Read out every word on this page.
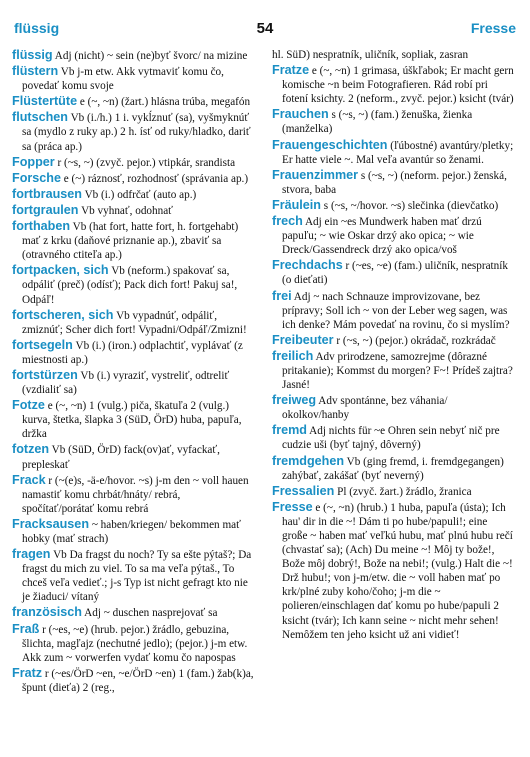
flüssig	54	Fresse

flüssig Adj (nicht) ~ sein (ne)byť švorc/ na mizine

flüstern Vb j-m etw. Akk vytmaviť komu čo, povedať komu svoje

Flüstertüte e (~, ~n) (žart.) hlásna trúba, megafón

flutschen Vb (i./h.) 1 i. vykĺznuť (sa), vyšmyknúť sa (mydlo z ruky ap.) 2 h. ísť od ruky/hladko, dariť sa (práca ap.)

Fopper r (~s, ~) (zvyč. pejor.) vtipkár, srandista

Forsche e (~) ráznosť, rozhodnosť (správania ap.)

fortbrausen Vb (i.) odfrčať (auto ap.)

fortgraulen Vb vyhnať, odohnať

forthaben Vb (hat fort, hatte fort, h. fortgehabt) mať z krku (daňové priznanie ap.), zbaviť sa (otravného ctiteľa ap.)

fortpacken, sich Vb (neform.) spakovať sa, odpáliť (preč) (odísť); Pack dich fort! Pakuj sa!, Odpáľ!

fortscheren, sich Vb vypadnúť, odpáliť, zmiznúť; Scher dich fort! Vypadni/Odpáľ/Zmizni!

fortsegeln Vb (i.) (iron.) odplachtiť, vyplávať (z miestnosti ap.)

fortstürzen Vb (i.) vyraziť, vystreliť, odtreliť (vzdialiť sa)

Fotze e (~, ~n) 1 (vulg.) piča, škatuľa 2 (vulg.) kurva, štetka, šlapka 3 (SüD, ÖrD) huba, papuľa, držka

fotzen Vb (SüD, ÖrD) fack(ov)ať, vyfackať, prepleskať

Frack r (~(e)s, -ä-e/hovor. ~s) j-m den ~ voll hauen namastiť komu chrbát/hnáty/ rebrá, spočítať/porátať komu rebrá

Fracksausen ~ haben/kriegen/ bekommen mať hobky (mať strach)

fragen Vb Da fragst du noch? Ty sa ešte pýtaš?; Da fragst du mich zu viel. To sa ma veľa pýtaš., To chceš veľa vedieť.; j-s Typ ist nicht gefragt kto nie je žiaduci/ vítaný

französisch Adj ~ duschen nasprejovať sa

Fraß r (~es, ~e) (hrub. pejor.) žrádlo, gebuzina, šlichta, magľajz (nechutné jedlo); (pejor.) j-m etw. Akk zum ~ vorwerfen vydať komu čo napospas

Fratz r (~es/ÖrD ~en, ~e/ÖrD ~en) 1 (fam.) žab(k)a, špunt (dieťa) 2 (reg.,

hl. SüD) nespratník, uličník, sopliak, zasran

Fratze e (~, ~n) 1 grimasa, úškľabok; Er macht gern komische ~n beim Fotografieren. Rád robí pri fotení ksichty. 2 (neform., zvyč. pejor.) ksicht (tvár)

Frauchen s (~s, ~) (fam.) ženuška, žienka (manželka)

Frauengeschichten (ľúbostné) avantúry/pletky; Er hatte viele ~. Mal veľa avantúr so ženami.

Frauenzimmer s (~s, ~) (neform. pejor.) ženská, stvora, baba

Fräulein s (~s, ~/hovor. ~s) slečinka (dievčatko)

frech Adj ein ~es Mundwerk haben mať drzú papuľu; ~ wie Oskar drzý ako opica; ~ wie Dreck/Gassendreck drzý ako opica/voš

Frechdachs r (~es, ~e) (fam.) uličník, nespratník (o dieťati)

frei Adj ~ nach Schnauze improvizovane, bez prípravy; Soll ich ~ von der Leber weg sagen, was ich denke? Mám povedať na rovinu, čo si myslím?

Freibeuter r (~s, ~) (pejor.) okrádač, rozkrádač

freilich Adv prirodzene, samozrejme (dôrazné pritakanie); Kommst du morgen? F~! Prídeš zajtra? Jasné!

freiweg Adv spontánne, bez váhania/ okolkov/hanby

fremd Adj nichts für ~e Ohren sein nebyť nič pre cudzie uši (byť tajný, dôverný)

fremdgehen Vb (ging fremd, i. fremdgegangen) zahýbať, zakášať (byť neverný)

Fressalien Pl (zvyč. žart.) žrádlo, žranica

Fresse e (~, ~n) (hrub.) 1 huba, papuľa (ústa); Ich hau' dir in die ~! Dám ti po hube/papuli!; eine große ~ haben mať veľkú hubu, mať plnú hubu rečí (chvastať sa); (Ach) Du meine ~! Môj ty bože!, Bože môj dobrý!, Bože na nebi!; (vulg.) Halt die ~! Drž hubu!; von j-m/etw. die ~ voll haben mať po krk/plné zuby koho/čoho; j-m die ~ polieren/einschlagen dať komu po hube/papuli 2 ksicht (tvár); Ich kann seine ~ nicht mehr sehen! Nemôžem ten jeho ksicht už ani vidieť!
